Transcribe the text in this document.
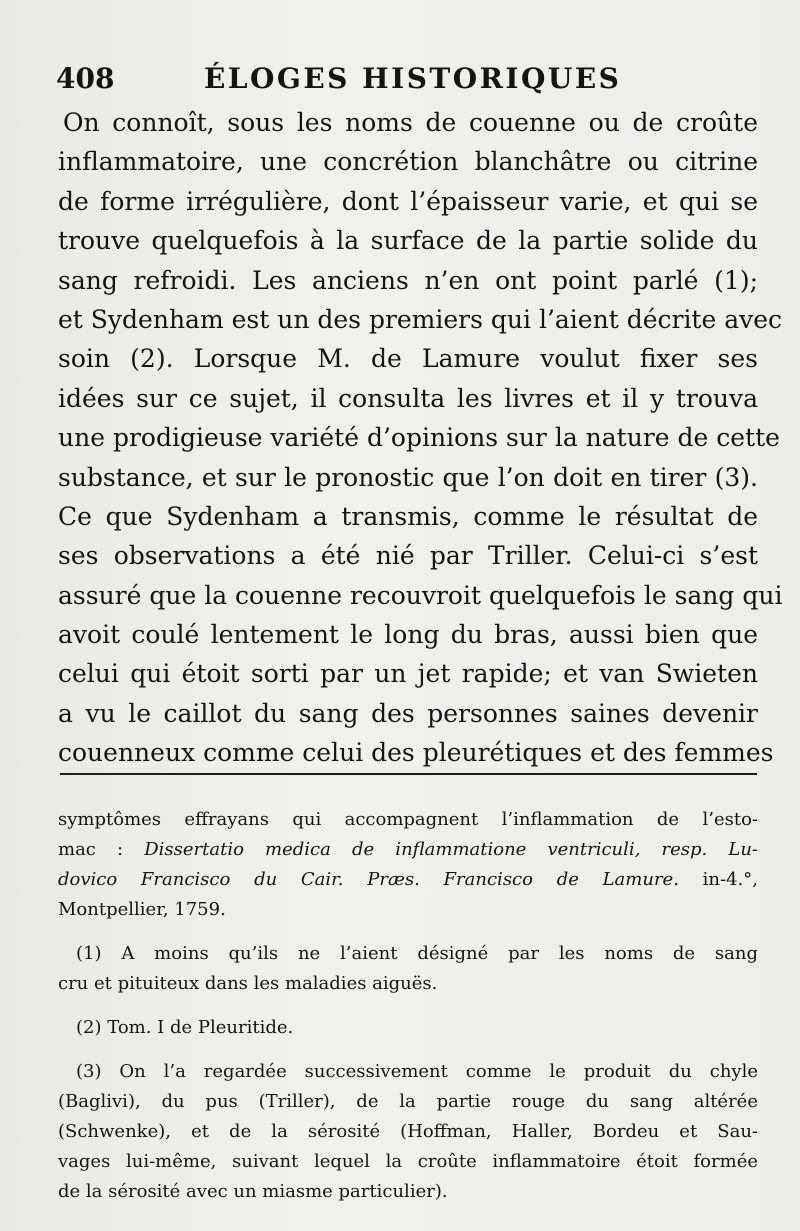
408	ÉLOGES HISTORIQUES
On connoît, sous les noms de couenne ou de croûte
inflammatoire, une concrétion blanchâtre ou citrine
de forme irrégulière, dont l’épaisseur varie, et qui se
trouve quelquefois à la surface de la partie solide du
sang refroidi. Les anciens n’en ont point parlé (1);
et Sydenham est un des premiers qui l’aient décrite avec
soin (2). Lorsque M. de Lamure voulut fixer ses
idées sur ce sujet, il consulta les livres et il y trouva
une prodigieuse variété d’opinions sur la nature de cette
substance, et sur le pronostic que l’on doit en tirer (3).
Ce que Sydenham a transmis, comme le résultat de
ses observations a été nié par Triller. Celui-ci s’est
assuré que la couenne recouvroit quelquefois le sang qui
avoit coulé lentement le long du bras, aussi bien que
celui qui étoit sorti par un jet rapide; et van Swieten
a vu le caillot du sang des personnes saines devenir
couenneux comme celui des pleurétiques et des femmes
symptômes effrayans qui accompagnent l’inflammation de l’esto-
mac : Dissertatio medica de inflammatione ventriculi, resp. Lu-
dovico Francisco du Cair. Præs. Francisco de Lamure. in-4.°,
Montpellier, 1759.
(1) A moins qu’ils ne l’aient désigné par les noms de sang
cru et pituiteux dans les maladies aiguës.
(2) Tom. I de Pleuritide.
(3) On l’a regardée successivement comme le produit du chyle
(Baglivi), du pus (Triller), de la partie rouge du sang altérée
(Schwenke), et de la sérosité (Hoffman, Haller, Bordeu et Sau-
vages lui-même, suivant lequel la croûte inflammatoire étoit formée
de la sérosité avec un miasme particulier).
